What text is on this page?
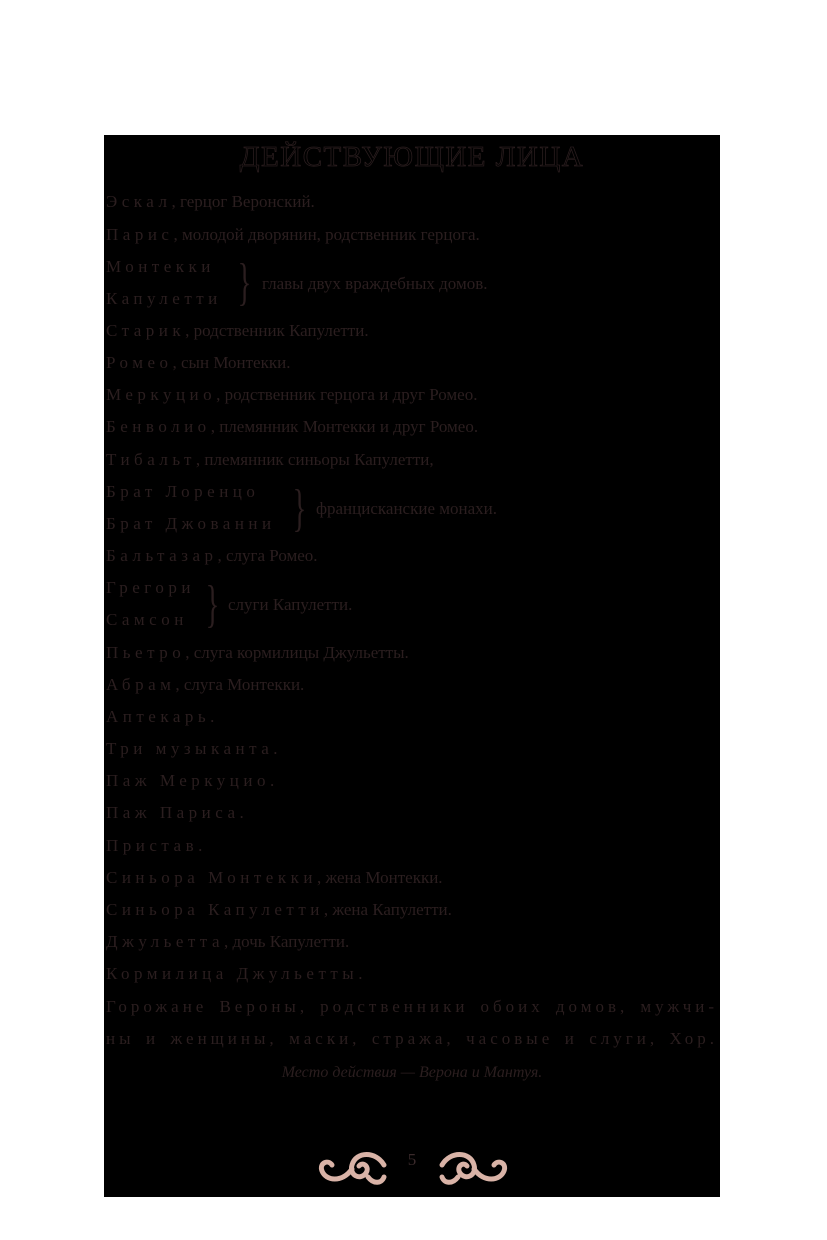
ДЕЙСТВУЮЩИЕ ЛИЦА
Эскал, герцог Веронский.
Парис, молодой дворянин, родственник герцога.
Монтекки
Капулетти } главы двух враждебных домов.
Старик, родственник Капулетти.
Ромео, сын Монтекки.
Меркуцио, родственник герцога и друг Ромео.
Бенволио, племянник Монтекки и друг Ромео.
Тибальт, племянник синьоры Капулетти,
Брат Лоренцо
Брат Джованни } францисканские монахи.
Бальтазар, слуга Ромео.
Грегори
Самсон } слуги Капулетти.
Пьетро, слуга кормилицы Джульетты.
Абрам, слуга Монтекки.
Аптекарь.
Три музыканта.
Паж Меркуцио.
Паж Париса.
Пристав.
Синьора Монтекки, жена Монтекки.
Синьора Капулетти, жена Капулетти.
Джульетта, дочь Капулетти.
Кормилица Джульетты.
Горожане Вероны, родственники обоих домов, мужчи-
ны и женщины, маски, стража, часовые и слуги, Хор.
Место действия — Верона и Мантуя.
5
